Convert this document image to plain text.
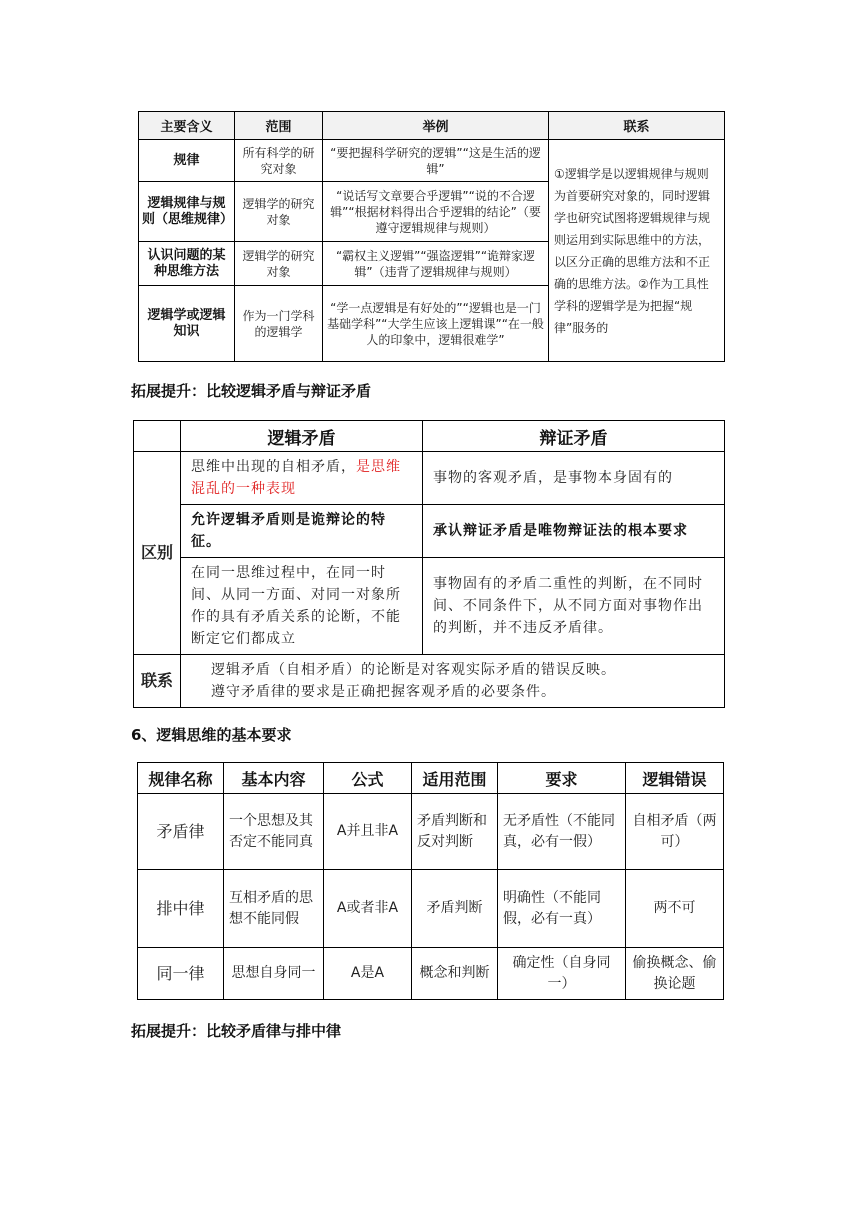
主要含义	范围	举例	联系
规律	所有科学的研究对象	“要把握科学研究的逻辑”“这是生活的逻辑”	①逻辑学是以逻辑规律与规则为首要研究对象的，同时逻辑学也研究试图将逻辑规律与规则运用到实际思维中的方法，以区分正确的思维方法和不正确的思维方法。②作为工具性学科的逻辑学是为把握“规律”服务的
逻辑规律与规则（思维规律）	逻辑学的研究对象	“说话写文章要合乎逻辑”“说的不合逻辑”“根据材料得出合乎逻辑的结论”（要遵守逻辑规律与规则）	
认识问题的某种思维方法	逻辑学的研究对象	“霸权主义逻辑”“强盗逻辑”“诡辩家逻辑”（违背了逻辑规律与规则）	
逻辑学或逻辑知识	作为一门学科的逻辑学	“学一点逻辑是有好处的”“逻辑也是一门基础学科”“大学生应该上逻辑课”“在一般人的印象中，逻辑很难学”	
拓展提升：比较逻辑矛盾与辩证矛盾
	逻辑矛盾	辩证矛盾
区别	思维中出现的自相矛盾，是思维混乱的一种表现	事物的客观矛盾，是事物本身固有的
	允许逻辑矛盾则是诡辩论的特征。	承认辩证矛盾是唯物辩证法的根本要求
	在同一思维过程中，在同一时间、从同一方面、对同一对象所作的具有矛盾关系的论断，不能断定它们都成立	事物固有的矛盾二重性的判断，在不同时间、不同条件下，从不同方面对事物作出的判断，并不违反矛盾律。
联系	逻辑矛盾（自相矛盾）的论断是对客观实际矛盾的错误反映。
遵守矛盾律的要求是正确把握客观矛盾的必要条件。	
6、逻辑思维的基本要求
规律名称	基本内容	公式	适用范围	要求	逻辑错误
矛盾律	一个思想及其否定不能同真	A并且非A	矛盾判断和反对判断	无矛盾性（不能同真，必有一假）	自相矛盾（两可）
排中律	互相矛盾的思想不能同假	A或者非A	矛盾判断	明确性（不能同假，必有一真）	两不可
同一律	思想自身同一	A是A	概念和判断	确定性（自身同一）	偷换概念、偷换论题
拓展提升：比较矛盾律与排中律
